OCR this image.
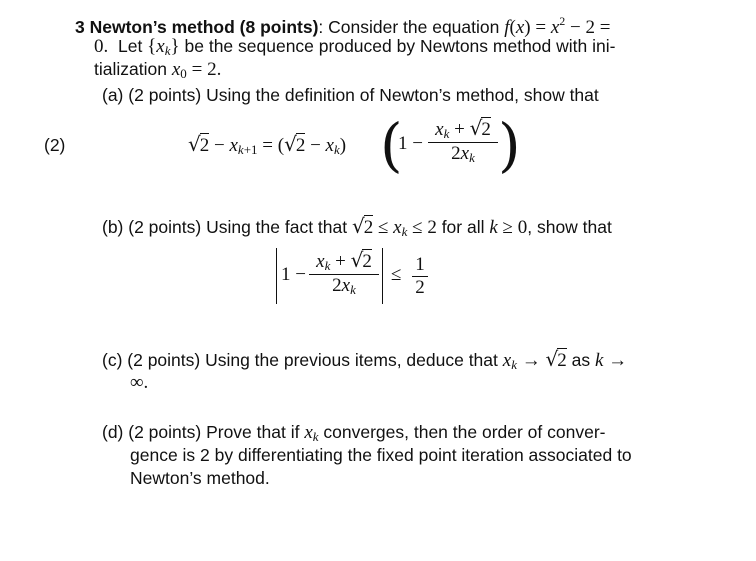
3 Newton’s method (8 points): Consider the equation $f(x) = x^2 - 2$ =
0.  Let $\{x_k\}$ be the sequence produced by Newtons method with ini-
tialization x0 = 2.
(a) (2 points) Using the definition of Newton’s method, show that
(2)	$√2 - xk+1 = (√2 - x_k)$ (
1 −
$x_k + √2$
$2x_k$ )
(b) (2 points) Using the fact that $√2 \le x_k \le 2$ for all k ≥ 0, show that
1 −
$x_k + √2$
$2x_k$
≤ 1
2
(c) (2 points) Using the previous items, deduce that $x_k \to √2$ as k →
∞.
(d) (2 points) Prove that if $x_k$ converges, then the order of conver-
gence is 2 by differentiating the fixed point iteration associated to
Newton’s method.
